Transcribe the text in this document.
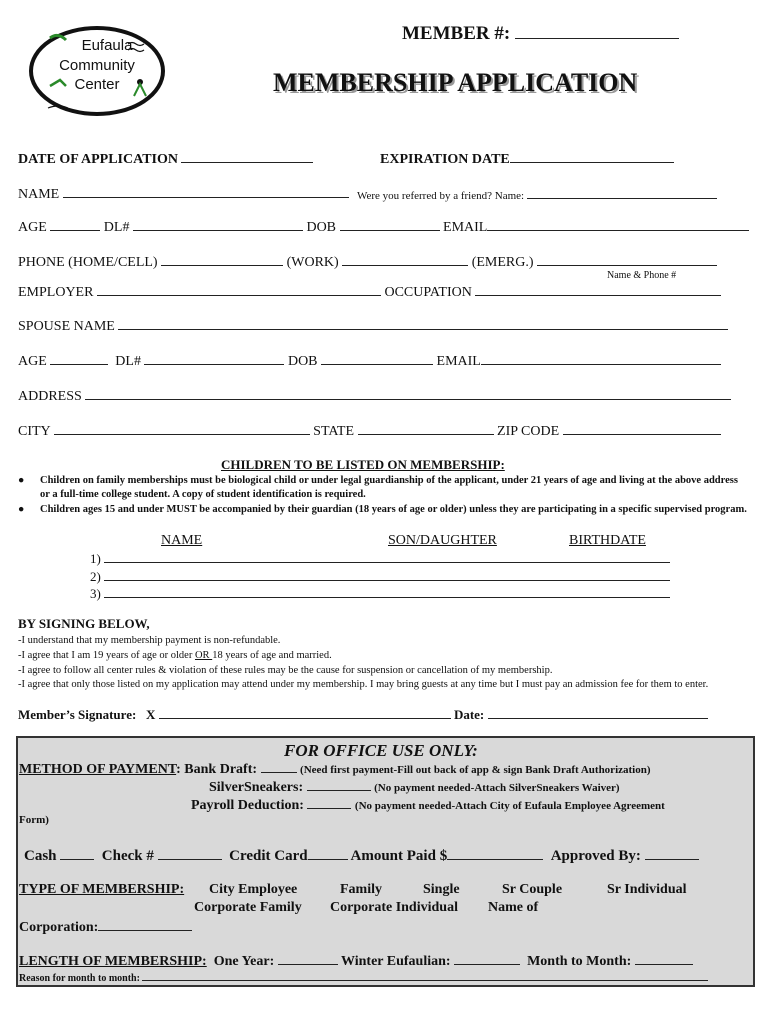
Eufaula
Community
Center
MEMBER #:
MEMBERSHIP APPLICATION
DATE OF APPLICATION	EXPIRATION DATE
NAME	Were you referred by a friend? Name:
AGE	DL#	DOB	EMAIL
PHONE (HOME/CELL)	(WORK)	(EMERG.)
Name & Phone #
EMPLOYER	OCCUPATION
SPOUSE NAME
AGE	DL#	DOB	EMAIL
ADDRESS
CITY	STATE	ZIP CODE
CHILDREN TO BE LISTED ON MEMBERSHIP:
● Children on family memberships must be biological child or under legal guardianship of the applicant, under 21 years of age and living at the above address or a full-time college student. A copy of student identification is required.
● Children ages 15 and under MUST be accompanied by their guardian (18 years of age or older) unless they are participating in a specific supervised program.
NAME	SON/DAUGHTER	BIRTHDATE
1)
2)
3)
BY SIGNING BELOW,
-I understand that my membership payment is non-refundable.
-I agree that I am 19 years of age or older OR 18 years of age and married.
-I agree to follow all center rules & violation of these rules may be the cause for suspension or cancellation of my membership.
-I agree that only those listed on my application may attend under my membership. I may bring guests at any time but I must pay an admission fee for them to enter.
Member’s Signature: X	Date:
FOR OFFICE USE ONLY:
METHOD OF PAYMENT: Bank Draft:	(Need first payment-Fill out back of app & sign Bank Draft Authorization)
SilverSneakers:	(No payment needed-Attach SilverSneakers Waiver)
Payroll Deduction:	(No payment needed-Attach City of Eufaula Employee Agreement
Form)
Cash	Check #	Credit Card	Amount Paid $	Approved By:
TYPE OF MEMBERSHIP: City Employee	Family	Single	Sr Couple	Sr Individual
Corporate Family Corporate Individual Name of
Corporation:
LENGTH OF MEMBERSHIP: One Year:	Winter Eufaulian:	Month to Month:
Reason for month to month:
